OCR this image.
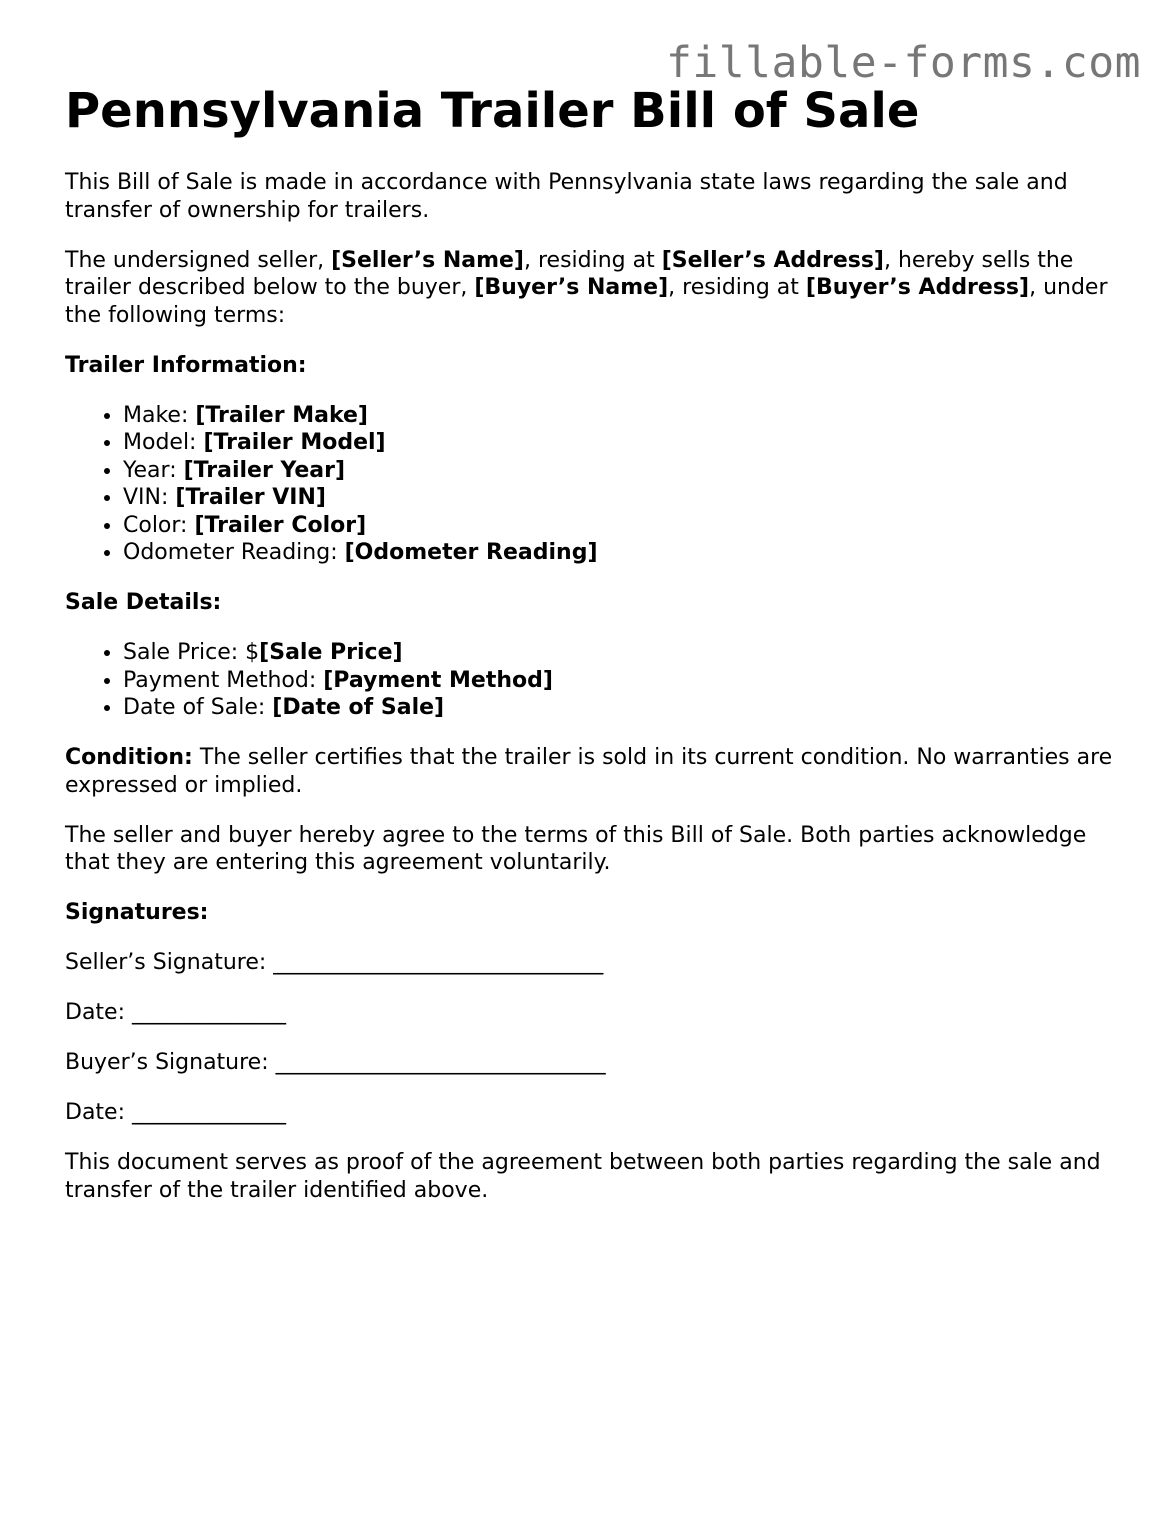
fillable-forms.com
Pennsylvania Trailer Bill of Sale

This Bill of Sale is made in accordance with Pennsylvania state laws regarding the sale and transfer of ownership for trailers.

The undersigned seller, [Seller’s Name], residing at [Seller’s Address], hereby sells the trailer described below to the buyer, [Buyer’s Name], residing at [Buyer’s Address], under the following terms:

Trailer Information:

• Make: [Trailer Make]
• Model: [Trailer Model]
• Year: [Trailer Year]
• VIN: [Trailer VIN]
• Color: [Trailer Color]
• Odometer Reading: [Odometer Reading]

Sale Details:

• Sale Price: $[Sale Price]
• Payment Method: [Payment Method]
• Date of Sale: [Date of Sale]

Condition: The seller certifies that the trailer is sold in its current condition. No warranties are expressed or implied.

The seller and buyer hereby agree to the terms of this Bill of Sale. Both parties acknowledge that they are entering this agreement voluntarily.

Signatures:

Seller’s Signature: ______________________________

Date: ______________

Buyer’s Signature: ______________________________

Date: ______________

This document serves as proof of the agreement between both parties regarding the sale and transfer of the trailer identified above.
